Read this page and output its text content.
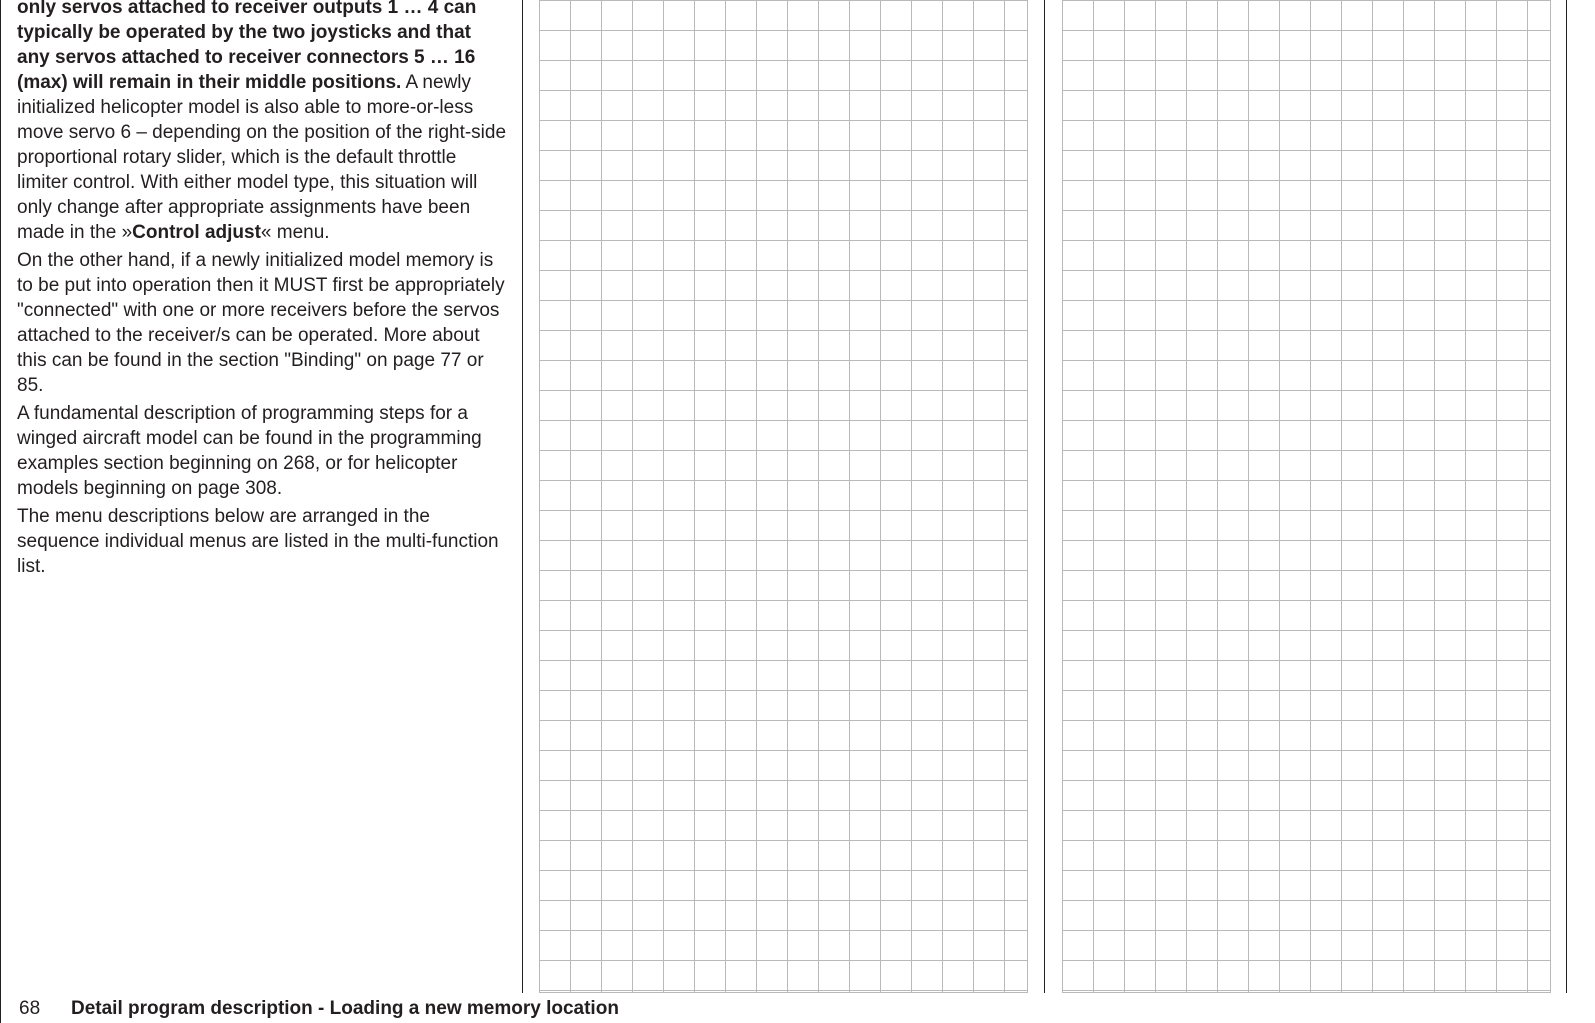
only servos attached to receiver outputs 1 … 4 can typically be operated by the two joysticks and that any servos attached to receiver connectors 5 … 16 (max) will remain in their middle positions. A newly initialized helicopter model is also able to more-or-less move servo 6 – depending on the position of the right-side proportional rotary slider, which is the default throttle limiter control. With either model type, this situation will only change after appropriate assignments have been made in the »Control adjust« menu.

On the other hand, if a newly initialized model memory is to be put into operation then it MUST first be appropriately "connected" with one or more receivers before the servos attached to the receiver/s can be operated. More about this can be found in the section "Binding" on page 77 or 85.

A fundamental description of programming steps for a winged aircraft model can be found in the programming examples section beginning on 268, or for helicopter models beginning on page 308.

The menu descriptions below are arranged in the sequence individual menus are listed in the multi-function list.

68 Detail program description - Loading a new memory location
